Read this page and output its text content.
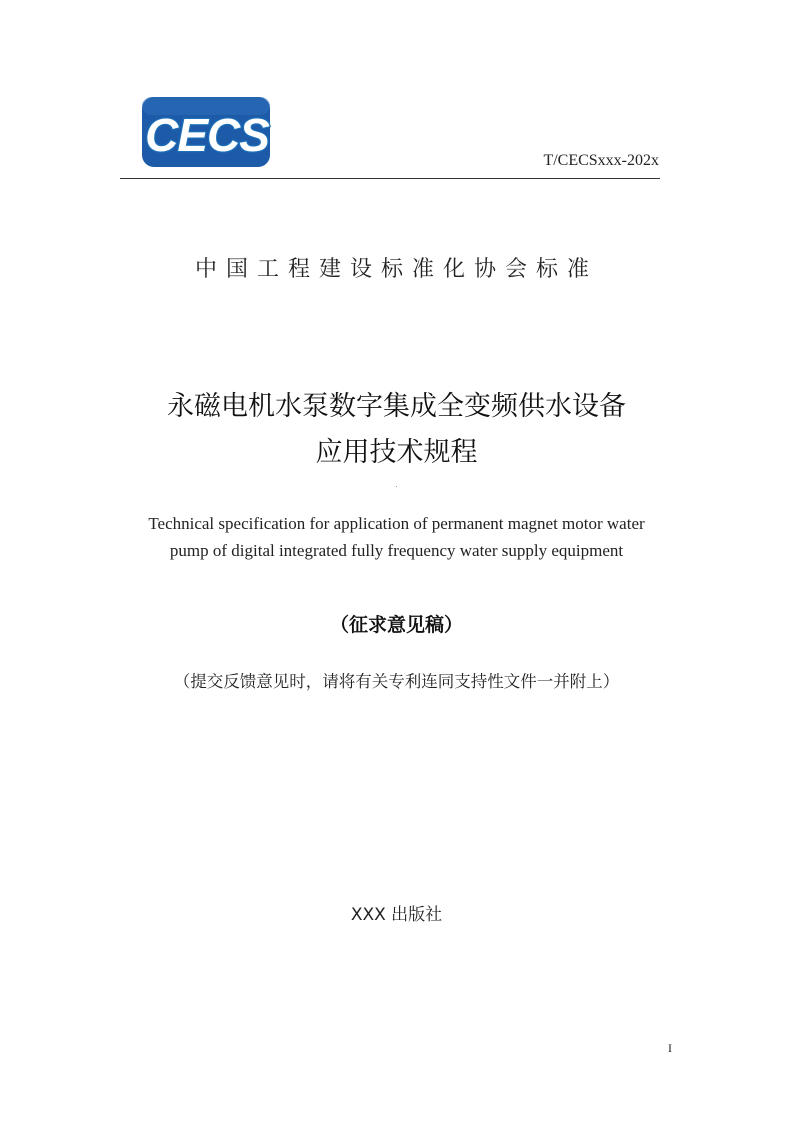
CECS	T/CECSxxx-202x
中国工程建设标准化协会标准
永磁电机水泵数字集成全变频供水设备
应用技术规程
Technical specification for application of permanent magnet motor water
pump of digital integrated fully frequency water supply equipment
（征求意见稿）
（提交反馈意见时，请将有关专利连同支持性文件一并附上）
XXX 出版社
I
